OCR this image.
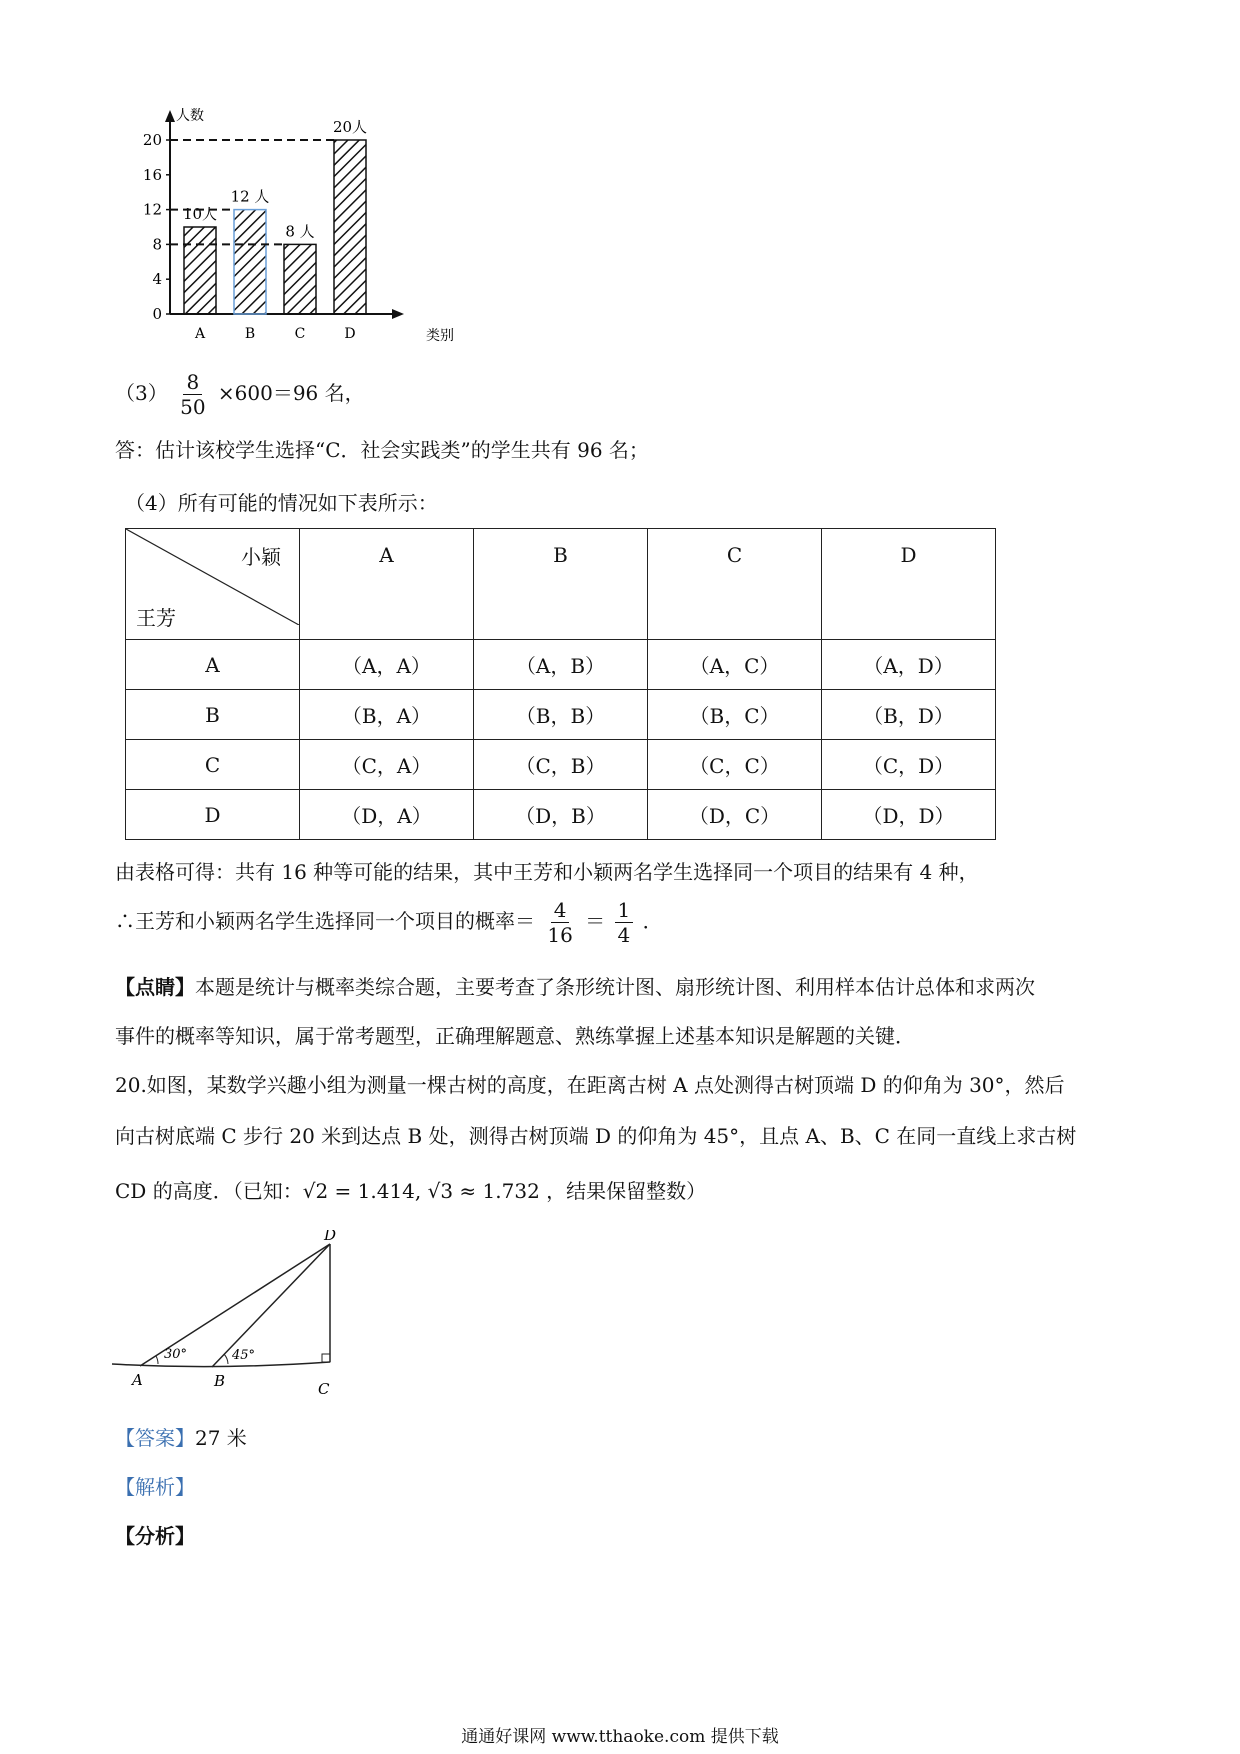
人数
类别
0
4
8
12
16
20
10人
A
12 人
B
8 人
C
20人
D
$(3) \frac{8}{50} \times 600=96$ 名，
答：估计该校学生选择“C．社会实践类”的学生共有 96 名；
（4）所有可能的情况如下表所示：
小颖
王芳	A	B	C	D
A	（A，A）	（A，B）	（A，C）	（A，D）
B	（B，A）	（B，B）	（B，C）	（B，D）
C	（C，A）	（C，B）	（C，C）	（C，D）
D	（D，A）	（D，B）	（D，C）	（D，D）
由表格可得：共有 16 种等可能的结果，其中王芳和小颖两名学生选择同一个项目的结果有 4 种，
∴王芳和小颖两名学生选择同一个项目的概率＝ $\frac{4}{16} = \frac{1}{4}$ ．
【点睛】本题是统计与概率类综合题，主要考查了条形统计图、扇形统计图、利用样本估计总体和求两次
事件的概率等知识，属于常考题型，正确理解题意、熟练掌握上述基本知识是解题的关键．
20.如图，某数学兴趣小组为测量一棵古树的高度，在距离古树 A 点处测得古树顶端 D 的仰角为 30°，然后
向古树底端 C 步行 20 米到达点 B 处，测得古树顶端 D 的仰角为 45°，且点 A、B、C 在同一直线上求古树
CD 的高度．（已知：√2 = 1.414, √3 ≈ 1.732 ，结果保留整数）
30°	45°
A	B	C
D
【答案】27 米
【解析】
【分析】
通通好课网 www.tthaoke.com 提供下载
